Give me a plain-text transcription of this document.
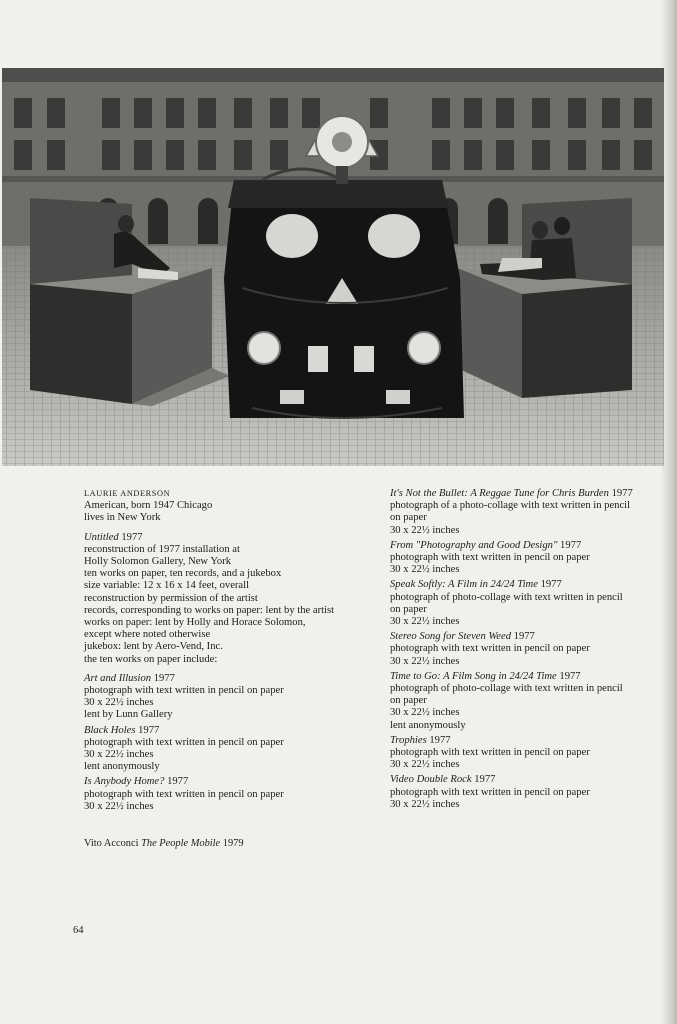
LAURIE ANDERSON

American, born 1947 Chicago

lives in New York

Untitled 1977

reconstruction of 1977 installation at

Holly Solomon Gallery, New York

ten works on paper, ten records, and a jukebox

size variable: 12 x 16 x 14 feet, overall

reconstruction by permission of the artist

records, corresponding to works on paper: lent by the artist

works on paper: lent by Holly and Horace Solomon,

except where noted otherwise

jukebox: lent by Aero-Vend, Inc.

the ten works on paper include:

Art and Illusion 1977

photograph with text written in pencil on paper

30 x 22½ inches

lent by Lunn Gallery

Black Holes 1977

photograph with text written in pencil on paper

30 x 22½ inches

lent anonymously

Is Anybody Home? 1977

photograph with text written in pencil on paper

30 x 22½ inches

It's Not the Bullet: A Reggae Tune for Chris Burden 1977

photograph of a photo-collage with text written in pencil

on paper

30 x 22½ inches

From "Photography and Good Design" 1977

photograph with text written in pencil on paper

30 x 22½ inches

Speak Softly: A Film in 24/24 Time 1977

photograph of photo-collage with text written in pencil

on paper

30 x 22½ inches

Stereo Song for Steven Weed 1977

photograph with text written in pencil on paper

30 x 22½ inches

Time to Go: A Film Song in 24/24 Time 1977

photograph of photo-collage with text written in pencil

on paper

30 x 22½ inches

lent anonymously

Trophies 1977

photograph with text written in pencil on paper

30 x 22½ inches

Video Double Rock 1977

photograph with text written in pencil on paper

30 x 22½ inches

Vito Acconci The People Mobile 1979

64
